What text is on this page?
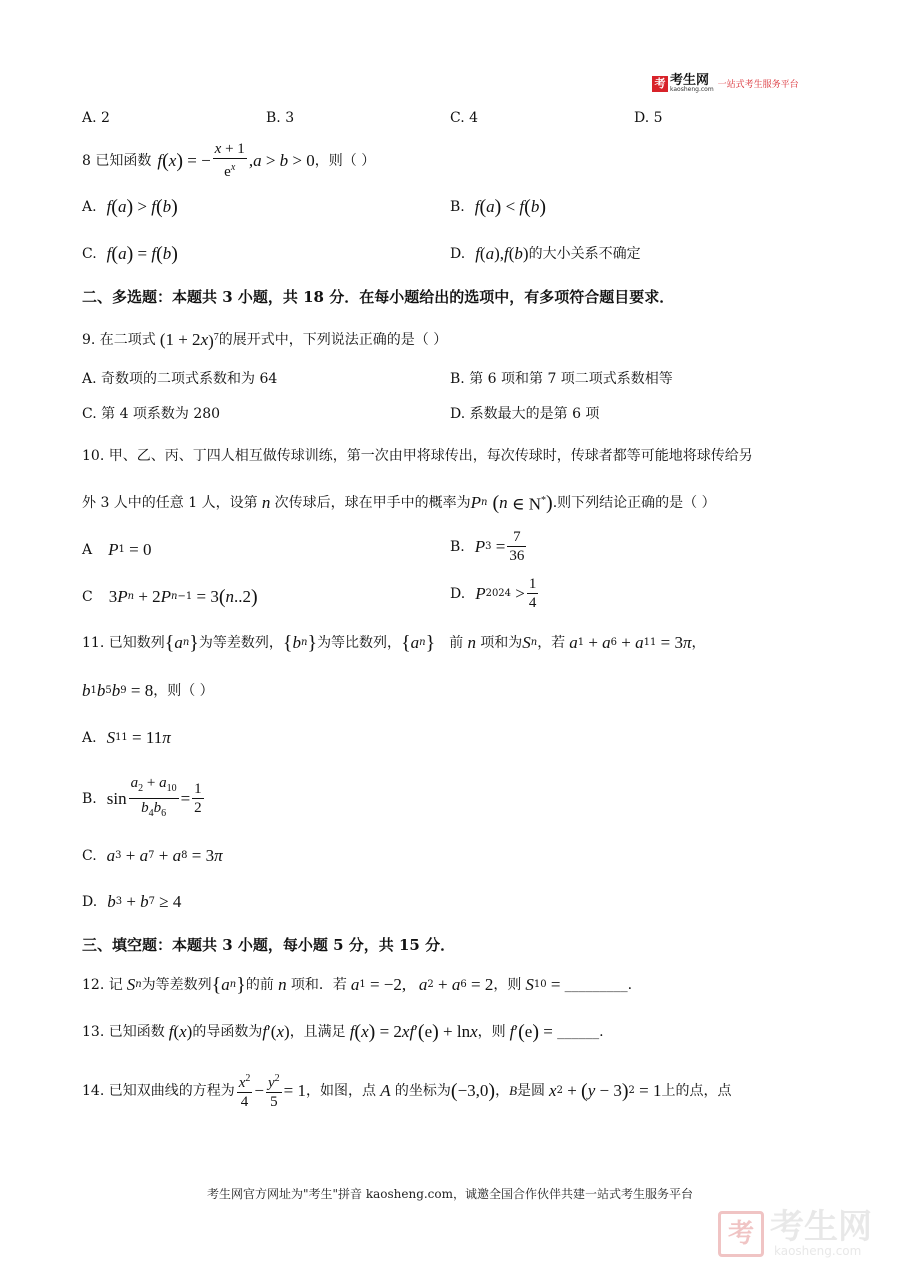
考 考生网
kaosheng.com 一站式考生服务平台
A. 2	B. 3	C. 4	D. 5
8 已知函数 f ( x ) = − $\frac{x + 1}{e^x}$ , a > b > 0 ，则（ ）
A. f ( a ) > f ( b )	B. f ( a ) < f ( b )
C. f ( a ) = f ( b )	D. f ( a ), f ( b ) 的大小关系不确定
二、多选题：本题共 3 小题，共 18 分．在每小题给出的选项中，有多项符合题目要求．
9. 在二项式 (1 + 2 x )$^7$ 的展开式中，下列说法正确的是（ ）
A. 奇数项的二项式系数和为 64	B. 第 6 项和第 7 项二项式系数相等
C. 第 4 项系数为 280	D. 系数最大的是第 6 项
10. 甲、乙、丙、丁四人相互做传球训练，第一次由甲将球传出，每次传球时，传球者都等可能地将球传给另
外 3 人中的任意 1 人，设第 n 次传球后，球在甲手中的概率为 P n ( n ∈ N* ) .则下列结论正确的是（ ）
A P 1 = 0	B. P $3 = \frac{7}{36}$
C 3 P n + 2 P n−1 = 3 ( n ..2 )	D. P $2024 > \frac{1}{4}$
11. 已知数列 { a n } 为等差数列， { b n } 为等比数列， { a n } 前 n 项和为 S n ，若 a 1 + a 6 + a 11 = 3 π ，
b 1 b 5 b 9 = 8 ，则（ ）
A. S 11 = 11 π
B. $\sin \frac{a_2 + a_{10}}{b_4b_6} = \frac{1}{2}$
C. a 3 + a 7 + a 8 = 3 π
D. b 3 + b 7 ≥ 4
三、填空题：本题共 3 小题，每小题 5 分，共 15 分．
12. 记 S n 为等差数列 { a n } 的前 n 项和．若 a 1 = −2, a 2 + a 6 = 2 ，则 S 10 = _________.
13. 已知函数 f ( x ) 的导函数为 f ′( x ) ，且满足 f ( x ) = 2 xf ′ ( e ) + ln x ，则 f ′ ( e ) = ______.
14. 已知双曲线的方程为 $\frac{x^2}{4} - \frac{y^2}{5} = 1$ ，如图，点 A 的坐标为 ( −3,0 ) ， B 是圆 x 2 + ( y − 3 ) 2 = 1 上的点，点
考生网官方网址为"考生"拼音 kaosheng.com，诚邀全国合作伙伴共建一站式考生服务平台
考 考生网
kaosheng.com
